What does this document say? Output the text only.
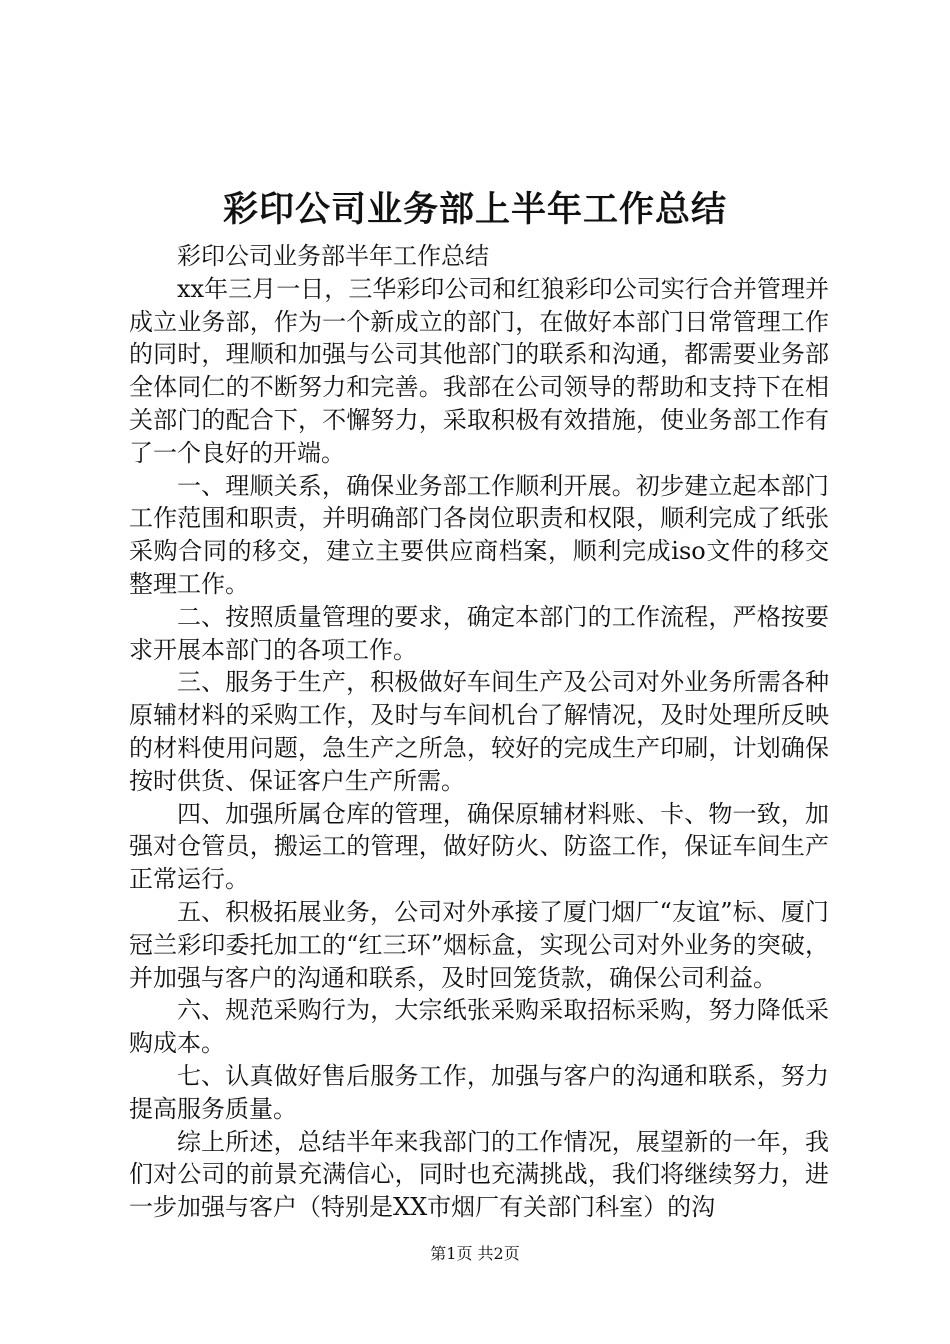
彩印公司业务部上半年工作总结

彩印公司业务部半年工作总结

xx年三月一日，三华彩印公司和红狼彩印公司实行合并管理并成立业务部，作为一个新成立的部门，在做好本部门日常管理工作的同时，理顺和加强与公司其他部门的联系和沟通，都需要业务部全体同仁的不断努力和完善。我部在公司领导的帮助和支持下在相关部门的配合下，不懈努力，采取积极有效措施，使业务部工作有了一个良好的开端。

一、理顺关系，确保业务部工作顺利开展。初步建立起本部门工作范围和职责，并明确部门各岗位职责和权限，顺利完成了纸张采购合同的移交，建立主要供应商档案，顺利完成iso文件的移交整理工作。

二、按照质量管理的要求，确定本部门的工作流程，严格按要求开展本部门的各项工作。

三、服务于生产，积极做好车间生产及公司对外业务所需各种原辅材料的采购工作，及时与车间机台了解情况，及时处理所反映的材料使用问题，急生产之所急，较好的完成生产印刷，计划确保按时供货、保证客户生产所需。

四、加强所属仓库的管理，确保原辅材料账、卡、物一致，加强对仓管员，搬运工的管理，做好防火、防盗工作，保证车间生产正常运行。

五、积极拓展业务，公司对外承接了厦门烟厂“友谊”标、厦门冠兰彩印委托加工的“红三环”烟标盒，实现公司对外业务的突破，并加强与客户的沟通和联系，及时回笼货款，确保公司利益。

六、规范采购行为，大宗纸张采购采取招标采购，努力降低采购成本。

七、认真做好售后服务工作，加强与客户的沟通和联系，努力提高服务质量。

综上所述，总结半年来我部门的工作情况，展望新的一年，我们对公司的前景充满信心，同时也充满挑战，我们将继续努力，进一步加强与客户（特别是XX市烟厂有关部门科室）的沟

第1页 共2页
